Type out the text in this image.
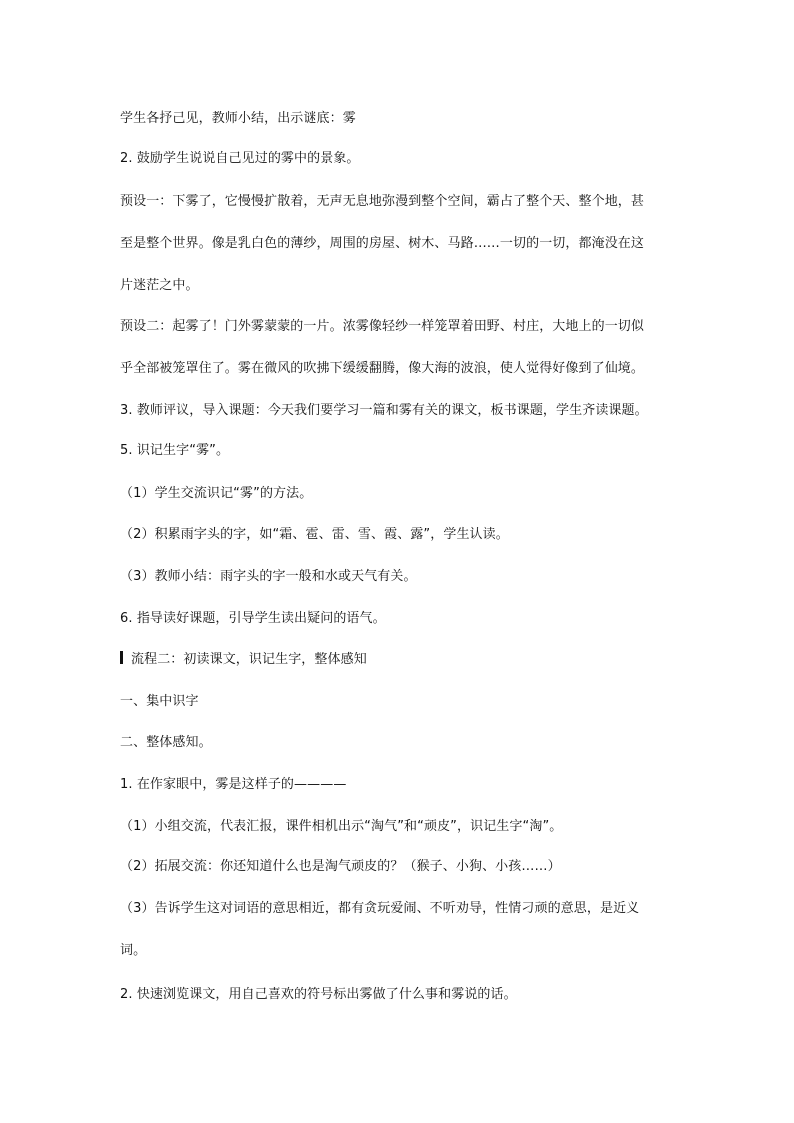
学生各抒己见，教师小结，出示谜底：雾
2. 鼓励学生说说自己见过的雾中的景象。
预设一：下雾了，它慢慢扩散着，无声无息地弥漫到整个空间，霸占了整个天、整个地，甚
至是整个世界。像是乳白色的薄纱，周围的房屋、树木、马路……一切的一切，都淹没在这
片迷茫之中。
预设二：起雾了！门外雾蒙蒙的一片。浓雾像轻纱一样笼罩着田野、村庄，大地上的一切似
乎全部被笼罩住了。雾在微风的吹拂下缓缓翻腾，像大海的波浪，使人觉得好像到了仙境。
3. 教师评议，导入课题：今天我们要学习一篇和雾有关的课文，板书课题，学生齐读课题。
5. 识记生字“雾”。
（1）学生交流识记“雾”的方法。
（2）积累雨字头的字，如“霜、雹、雷、雪、霞、露”，学生认读。
（3）教师小结：雨字头的字一般和水或天气有关。
6. 指导读好课题，引导学生读出疑问的语气。
流程二：初读课文，识记生字，整体感知
一、集中识字
二、整体感知。
1. 在作家眼中，雾是这样子的————
（1）小组交流，代表汇报，课件相机出示“淘气”和“顽皮”，识记生字“淘”。
（2）拓展交流：你还知道什么也是淘气顽皮的？（猴子、小狗、小孩……）
（3）告诉学生这对词语的意思相近，都有贪玩爱闹、不听劝导，性情刁顽的意思，是近义
词。
2. 快速浏览课文，用自己喜欢的符号标出雾做了什么事和雾说的话。
